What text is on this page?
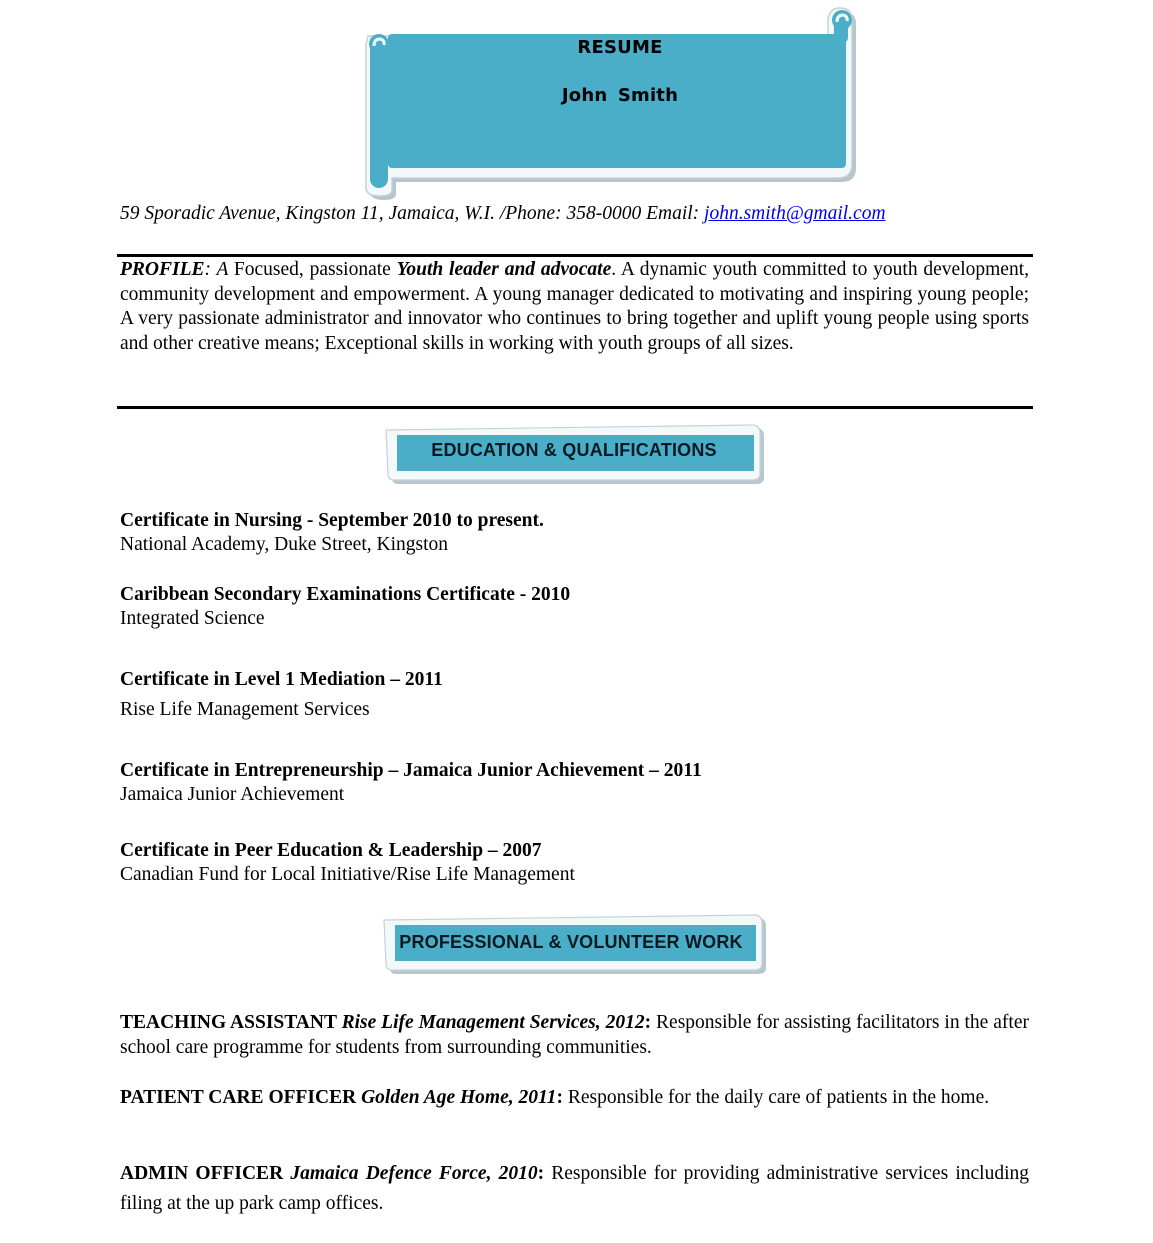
RESUME
John Smith
59 Sporadic Avenue, Kingston 11, Jamaica, W.I. /Phone: 358-0000 Email: john.smith@gmail.com
PROFILE: A Focused, passionate Youth leader and advocate. A dynamic youth committed to youth development, community development and empowerment. A young manager dedicated to motivating and inspiring young people; A very passionate administrator and innovator who continues to bring together and uplift young people using sports and other creative means; Exceptional skills in working with youth groups of all sizes.
EDUCATION & QUALIFICATIONS
Certificate in Nursing - September 2010 to present.
National Academy, Duke Street, Kingston
Caribbean Secondary Examinations Certificate - 2010
Integrated Science
Certificate in Level 1 Mediation – 2011
Rise Life Management Services
Certificate in Entrepreneurship – Jamaica Junior Achievement – 2011
Jamaica Junior Achievement
Certificate in Peer Education & Leadership – 2007
Canadian Fund for Local Initiative/Rise Life Management
PROFESSIONAL & VOLUNTEER WORK
TEACHING ASSISTANT Rise Life Management Services, 2012: Responsible for assisting facilitators in the after school care programme for students from surrounding communities.
PATIENT CARE OFFICER Golden Age Home, 2011: Responsible for the daily care of patients in the home.
ADMIN OFFICER Jamaica Defence Force, 2010: Responsible for providing administrative services including filing at the up park camp offices.
